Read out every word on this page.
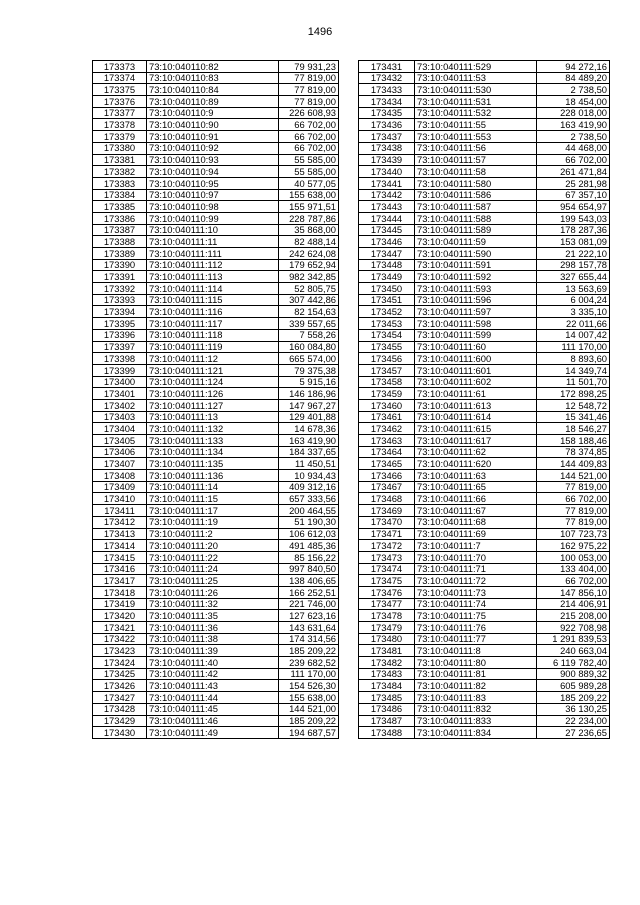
1496
173373	73:10:040110:82	79 931,23
173374	73:10:040110:83	77 819,00
173375	73:10:040110:84	77 819,00
173376	73:10:040110:89	77 819,00
173377	73:10:040110:9	226 608,93
173378	73:10:040110:90	66 702,00
173379	73:10:040110:91	66 702,00
173380	73:10:040110:92	66 702,00
173381	73:10:040110:93	55 585,00
173382	73:10:040110:94	55 585,00
173383	73:10:040110:95	40 577,05
173384	73:10:040110:97	155 638,00
173385	73:10:040110:98	155 971,51
173386	73:10:040110:99	228 787,86
173387	73:10:040111:10	35 868,00
173388	73:10:040111:11	82 488,14
173389	73:10:040111:111	242 624,08
173390	73:10:040111:112	179 652,94
173391	73:10:040111:113	982 342,85
173392	73:10:040111:114	52 805,75
173393	73:10:040111:115	307 442,86
173394	73:10:040111:116	82 154,63
173395	73:10:040111:117	339 557,65
173396	73:10:040111:118	7 558,26
173397	73:10:040111:119	160 084,80
173398	73:10:040111:12	665 574,00
173399	73:10:040111:121	79 375,38
173400	73:10:040111:124	5 915,16
173401	73:10:040111:126	146 186,96
173402	73:10:040111:127	147 967,27
173403	73:10:040111:13	129 401,88
173404	73:10:040111:132	14 678,36
173405	73:10:040111:133	163 419,90
173406	73:10:040111:134	184 337,65
173407	73:10:040111:135	11 450,51
173408	73:10:040111:136	10 934,43
173409	73:10:040111:14	409 312,16
173410	73:10:040111:15	657 333,56
173411	73:10:040111:17	200 464,55
173412	73:10:040111:19	51 190,30
173413	73:10:040111:2	106 612,03
173414	73:10:040111:20	491 485,36
173415	73:10:040111:22	85 156,22
173416	73:10:040111:24	997 840,50
173417	73:10:040111:25	138 406,65
173418	73:10:040111:26	166 252,51
173419	73:10:040111:32	221 746,00
173420	73:10:040111:35	127 623,16
173421	73:10:040111:36	143 631,64
173422	73:10:040111:38	174 314,56
173423	73:10:040111:39	185 209,22
173424	73:10:040111:40	239 682,52
173425	73:10:040111:42	111 170,00
173426	73:10:040111:43	154 526,30
173427	73:10:040111:44	155 638,00
173428	73:10:040111:45	144 521,00
173429	73:10:040111:46	185 209,22
173430	73:10:040111:49	194 687,57
173431	73:10:040111:529	94 272,16
173432	73:10:040111:53	84 489,20
173433	73:10:040111:530	2 738,50
173434	73:10:040111:531	18 454,00
173435	73:10:040111:532	228 018,00
173436	73:10:040111:55	163 419,90
173437	73:10:040111:553	2 738,50
173438	73:10:040111:56	44 468,00
173439	73:10:040111:57	66 702,00
173440	73:10:040111:58	261 471,84
173441	73:10:040111:580	25 281,98
173442	73:10:040111:586	67 357,10
173443	73:10:040111:587	954 654,97
173444	73:10:040111:588	199 543,03
173445	73:10:040111:589	178 287,36
173446	73:10:040111:59	153 081,09
173447	73:10:040111:590	21 222,10
173448	73:10:040111:591	298 157,78
173449	73:10:040111:592	327 655,44
173450	73:10:040111:593	13 563,69
173451	73:10:040111:596	6 004,24
173452	73:10:040111:597	3 335,10
173453	73:10:040111:598	22 011,66
173454	73:10:040111:599	14 007,42
173455	73:10:040111:60	111 170,00
173456	73:10:040111:600	8 893,60
173457	73:10:040111:601	14 349,74
173458	73:10:040111:602	11 501,70
173459	73:10:040111:61	172 898,25
173460	73:10:040111:613	12 548,72
173461	73:10:040111:614	15 341,46
173462	73:10:040111:615	18 546,27
173463	73:10:040111:617	158 188,46
173464	73:10:040111:62	78 374,85
173465	73:10:040111:620	144 409,83
173466	73:10:040111:63	144 521,00
173467	73:10:040111:65	77 819,00
173468	73:10:040111:66	66 702,00
173469	73:10:040111:67	77 819,00
173470	73:10:040111:68	77 819,00
173471	73:10:040111:69	107 723,73
173472	73:10:040111:7	162 975,22
173473	73:10:040111:70	100 053,00
173474	73:10:040111:71	133 404,00
173475	73:10:040111:72	66 702,00
173476	73:10:040111:73	147 856,10
173477	73:10:040111:74	214 406,91
173478	73:10:040111:75	215 208,00
173479	73:10:040111:76	922 708,98
173480	73:10:040111:77	1 291 839,53
173481	73:10:040111:8	240 663,04
173482	73:10:040111:80	6 119 782,40
173483	73:10:040111:81	900 889,32
173484	73:10:040111:82	605 989,28
173485	73:10:040111:83	185 209,22
173486	73:10:040111:832	36 130,25
173487	73:10:040111:833	22 234,00
173488	73:10:040111:834	27 236,65
